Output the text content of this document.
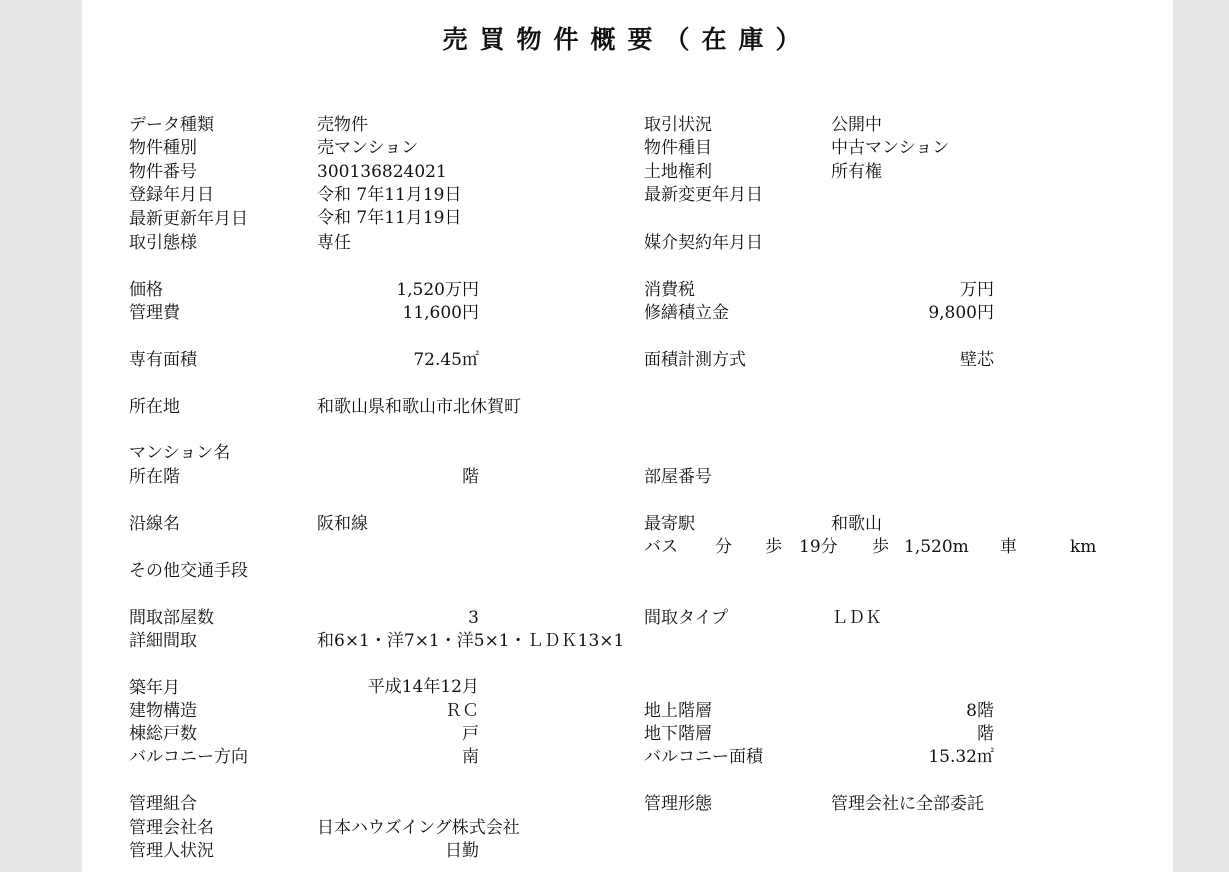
売買物件概要（在庫）
データ種類	売物件	取引状況	公開中
物件種別	売マンション	物件種目	中古マンション
物件番号	300136824021	土地権利	所有権
登録年月日	令和 7年11月19日	最新変更年月日
最新更新年月日	令和 7年11月19日
取引態様	専任	媒介契約年月日
価格	1,520万円	消費税	万円
管理費	11,600円	修繕積立金	9,800円
専有面積	72.45㎡	面積計測方式	壁芯
所在地	和歌山県和歌山市北休賀町
マンション名
所在階	階	部屋番号
沿線名	阪和線	最寄駅	和歌山
バス 分 歩 19分 歩 1,520m 車	km
その他交通手段
間取部屋数	3	間取タイプ	ＬＤＫ
詳細間取	和6×1・洋7×1・洋5×1・ＬＤＫ13×1
築年月	平成14年12月
建物構造	ＲＣ	地上階層	8階
棟総戸数	戸	地下階層	階
バルコニー方向	南	バルコニー面積	15.32㎡
管理組合	管理形態	管理会社に全部委託
管理会社名	日本ハウズイング株式会社
管理人状況	日勤
